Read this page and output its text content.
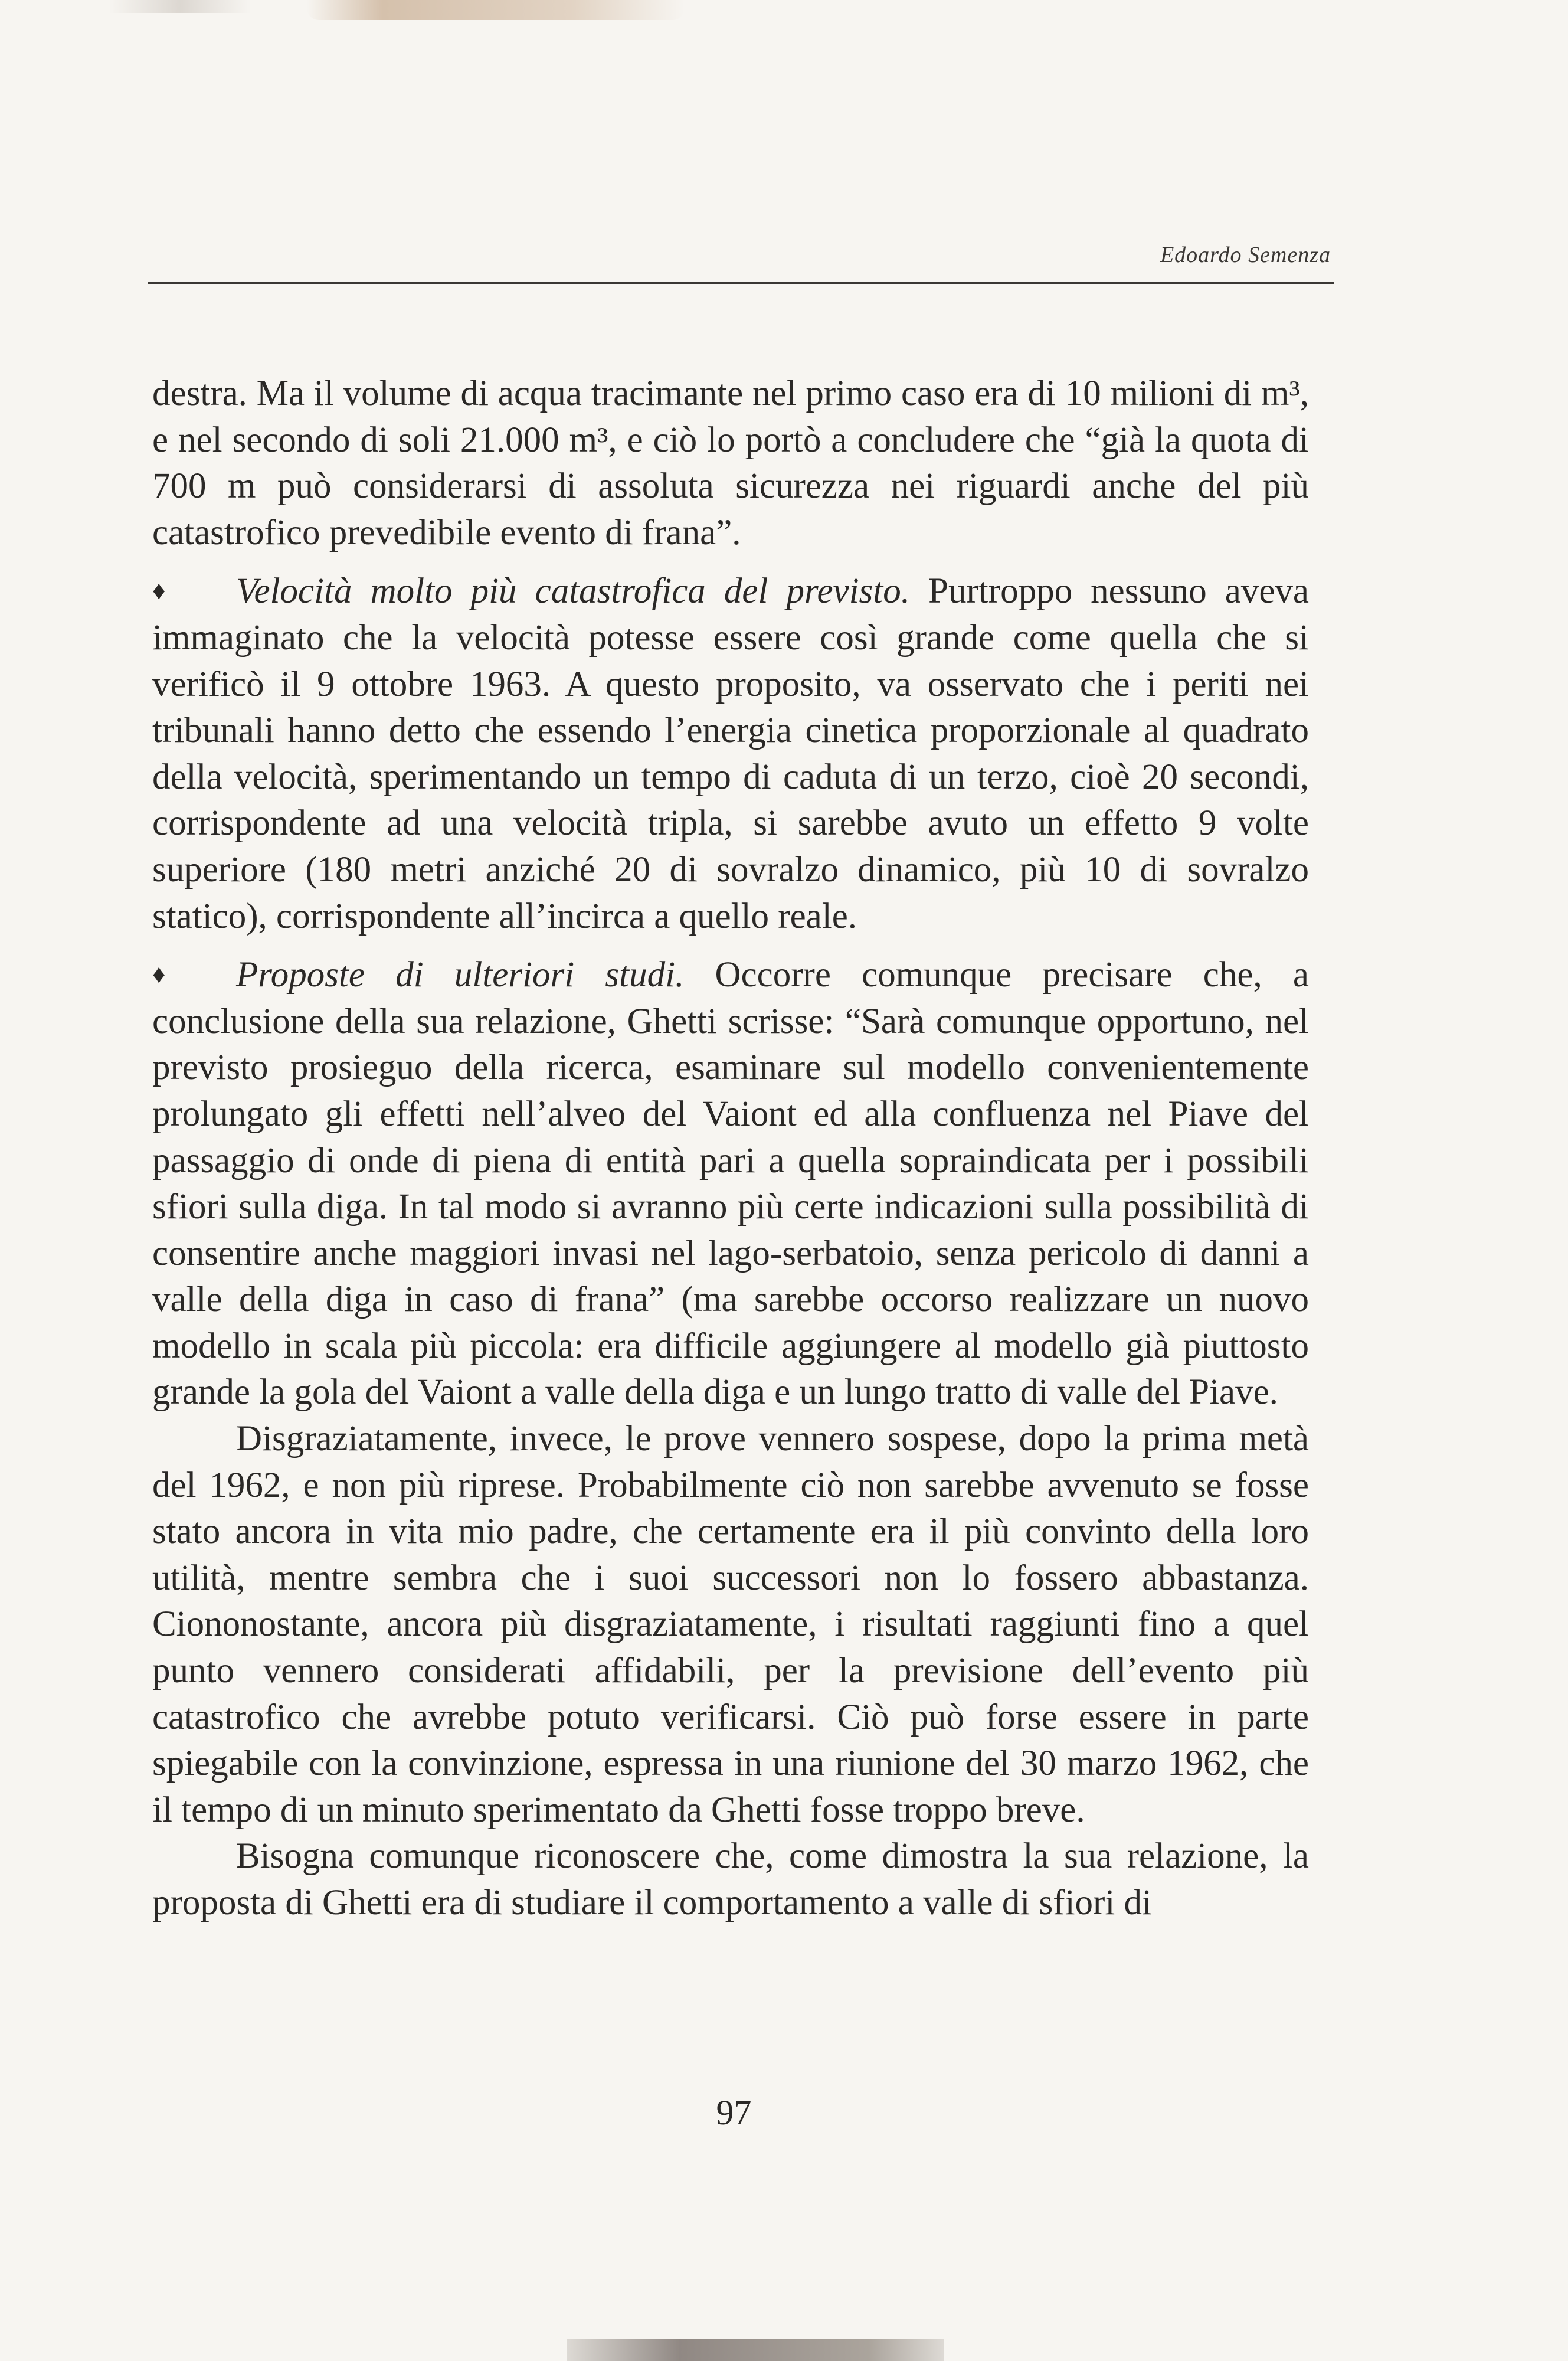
Edoardo Semenza

destra. Ma il volume di acqua tracimante nel primo caso era di 10 milioni di m³, e nel secondo di soli 21.000 m³, e ciò lo portò a concludere che “già la quota di 700 m può considerarsi di assoluta sicurezza nei riguardi anche del più catastrofico prevedibile evento di frana”.

♦ Velocità molto più catastrofica del previsto. Purtroppo nessuno aveva immaginato che la velocità potesse essere così grande come quella che si verificò il 9 ottobre 1963. A questo proposito, va osservato che i periti nei tribunali hanno detto che essendo l’energia cinetica proporzionale al quadrato della velocità, sperimentando un tempo di caduta di un terzo, cioè 20 secondi, corrispondente ad una velocità tripla, si sarebbe avuto un effetto 9 volte superiore (180 metri anziché 20 di sovralzo dinamico, più 10 di sovralzo statico), corrispondente all’incirca a quello reale.

♦ Proposte di ulteriori studi. Occorre comunque precisare che, a conclusione della sua relazione, Ghetti scrisse: “Sarà comunque opportuno, nel previsto prosieguo della ricerca, esaminare sul modello convenientemente prolungato gli effetti nell’alveo del Vaiont ed alla confluenza nel Piave del passaggio di onde di piena di entità pari a quella sopraindicata per i possibili sfiori sulla diga. In tal modo si avranno più certe indicazioni sulla possibilità di consentire anche maggiori invasi nel lago-serbatoio, senza pericolo di danni a valle della diga in caso di frana” (ma sarebbe occorso realizzare un nuovo modello in scala più piccola: era difficile aggiungere al modello già piuttosto grande la gola del Vaiont a valle della diga e un lungo tratto di valle del Piave.

Disgraziatamente, invece, le prove vennero sospese, dopo la prima metà del 1962, e non più riprese. Probabilmente ciò non sarebbe avvenuto se fosse stato ancora in vita mio padre, che certamente era il più convinto della loro utilità, mentre sembra che i suoi successori non lo fossero abbastanza. Ciononostante, ancora più disgraziatamente, i risultati raggiunti fino a quel punto vennero considerati affidabili, per la previsione dell’evento più catastrofico che avrebbe potuto verificarsi. Ciò può forse essere in parte spiegabile con la convinzione, espressa in una riunione del 30 marzo 1962, che il tempo di un minuto sperimentato da Ghetti fosse troppo breve.

Bisogna comunque riconoscere che, come dimostra la sua relazione, la proposta di Ghetti era di studiare il comportamento a valle di sfiori di

97
